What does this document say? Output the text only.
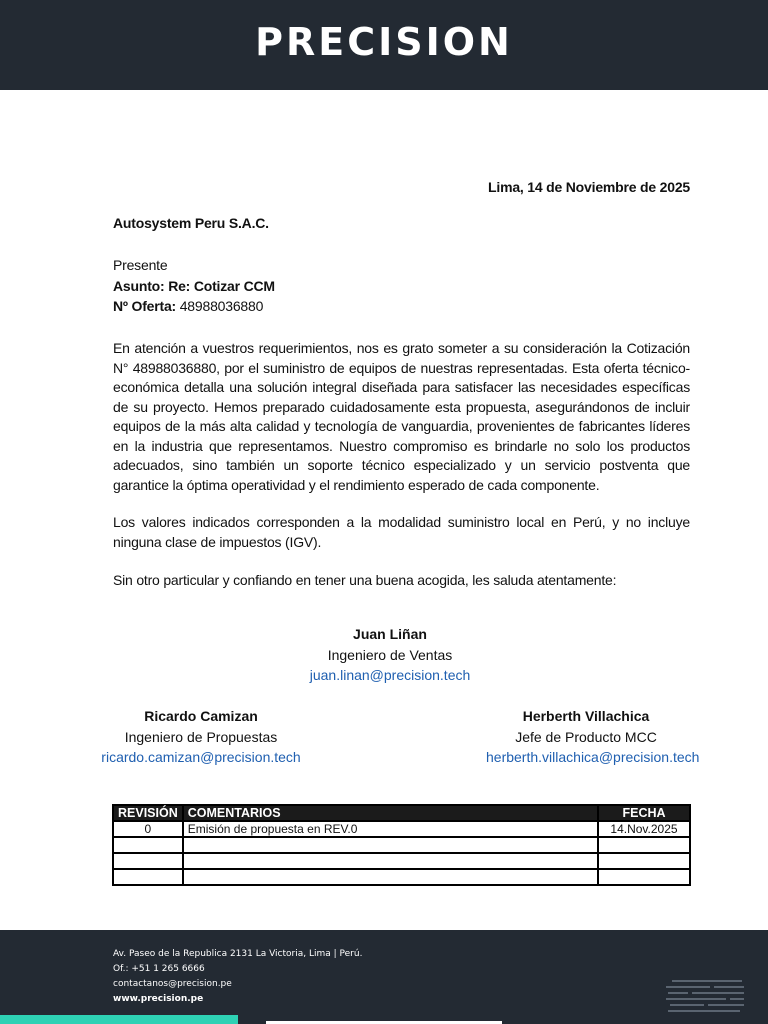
PRECISION
Lima, 14 de Noviembre de 2025
Autosystem Peru S.A.C.
Presente
Asunto: Re: Cotizar CCM
Nº Oferta: 48988036880

En atención a vuestros requerimientos, nos es grato someter a su consideración la Cotización N° 48988036880, por el suministro de equipos de nuestras representadas. Esta oferta técnico-económica detalla una solución integral diseñada para satisfacer las necesidades específicas de su proyecto. Hemos preparado cuidadosamente esta propuesta, asegurándonos de incluir equipos de la más alta calidad y tecnología de vanguardia, provenientes de fabricantes líderes en la industria que representamos. Nuestro compromiso es brindarle no solo los productos adecuados, sino también un soporte técnico especializado y un servicio postventa que garantice la óptima operatividad y el rendimiento esperado de cada componente.

Los valores indicados corresponden a la modalidad suministro local en Perú, y no incluye ninguna clase de impuestos (IGV).

Sin otro particular y confiando en tener una buena acogida, les saluda atentamente:

Juan Liñan
Ingeniero de Ventas
juan.linan@precision.tech
Ricardo Camizan
Ingeniero de Propuestas
ricardo.camizan@precision.tech
Herberth Villachica
Jefe de Producto MCC
herberth.villachica@precision.tech
REVISIÓN	COMENTARIOS	FECHA
0	Emisión de propuesta en REV.0	14.Nov.2025

Av. Paseo de la Republica 2131 La Victoria, Lima | Perú.
Of.: +51 1 265 6666
contactanos@precision.pe
www.precision.pe
